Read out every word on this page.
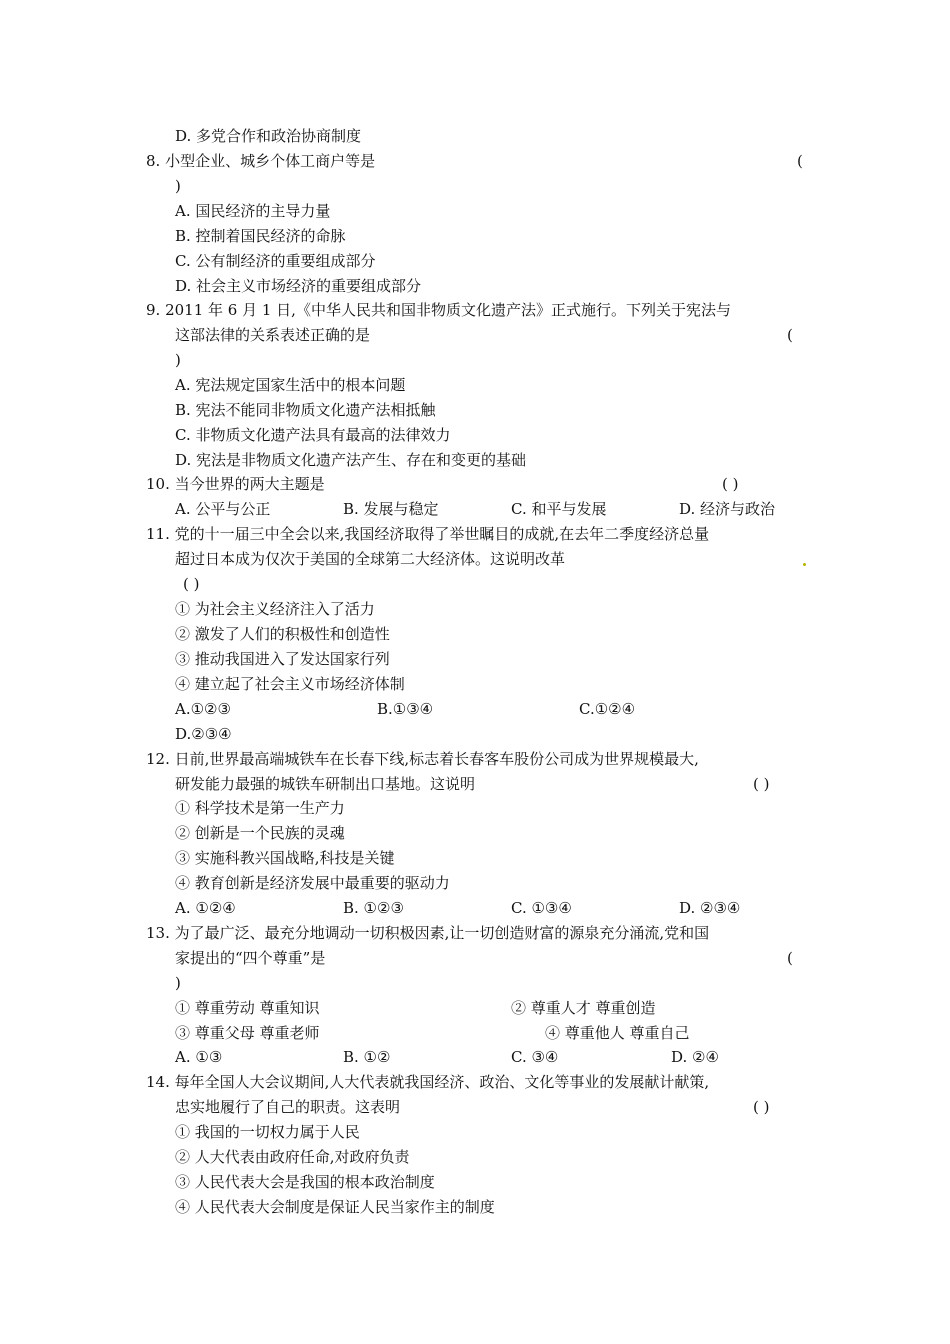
D. 多党合作和政治协商制度
8. 小型企业、城乡个体工商户等是	(
)
A. 国民经济的主导力量
B. 控制着国民经济的命脉
C. 公有制经济的重要组成部分
D. 社会主义市场经济的重要组成部分
9. 2011 年 6 月 1 日,《中华人民共和国非物质文化遗产法》正式施行。下列关于宪法与
这部法律的关系表述正确的是	(
)
A. 宪法规定国家生活中的根本问题
B. 宪法不能同非物质文化遗产法相抵触
C. 非物质文化遗产法具有最高的法律效力
D. 宪法是非物质文化遗产法产生、存在和变更的基础
10. 当今世界的两大主题是	( )
A. 公平与公正	B. 发展与稳定	C. 和平与发展	D. 经济与政治
11. 党的十一届三中全会以来,我国经济取得了举世瞩目的成就,在去年二季度经济总量
超过日本成为仅次于美国的全球第二大经济体。这说明改革
( )
① 为社会主义经济注入了活力
② 激发了人们的积极性和创造性
③ 推动我国进入了发达国家行列
④ 建立起了社会主义市场经济体制
A.①②③	B.①③④	C.①②④
D.②③④
12. 日前,世界最高端城铁车在长春下线,标志着长春客车股份公司成为世界规模最大,
研发能力最强的城铁车研制出口基地。这说明	( )
① 科学技术是第一生产力
② 创新是一个民族的灵魂
③ 实施科教兴国战略,科技是关键
④ 教育创新是经济发展中最重要的驱动力
A. ①②④	B. ①②③	C. ①③④	D. ②③④
13. 为了最广泛、最充分地调动一切积极因素,让一切创造财富的源泉充分涌流,党和国
家提出的“四个尊重”是	(
)
① 尊重劳动 尊重知识	② 尊重人才 尊重创造
③ 尊重父母 尊重老师	④ 尊重他人 尊重自己
A. ①③	B. ①②	C. ③④	D. ②④
14. 每年全国人大会议期间,人大代表就我国经济、政治、文化等事业的发展献计献策,
忠实地履行了自己的职责。这表明	( )
① 我国的一切权力属于人民
② 人大代表由政府任命,对政府负责
③ 人民代表大会是我国的根本政治制度
④ 人民代表大会制度是保证人民当家作主的制度
